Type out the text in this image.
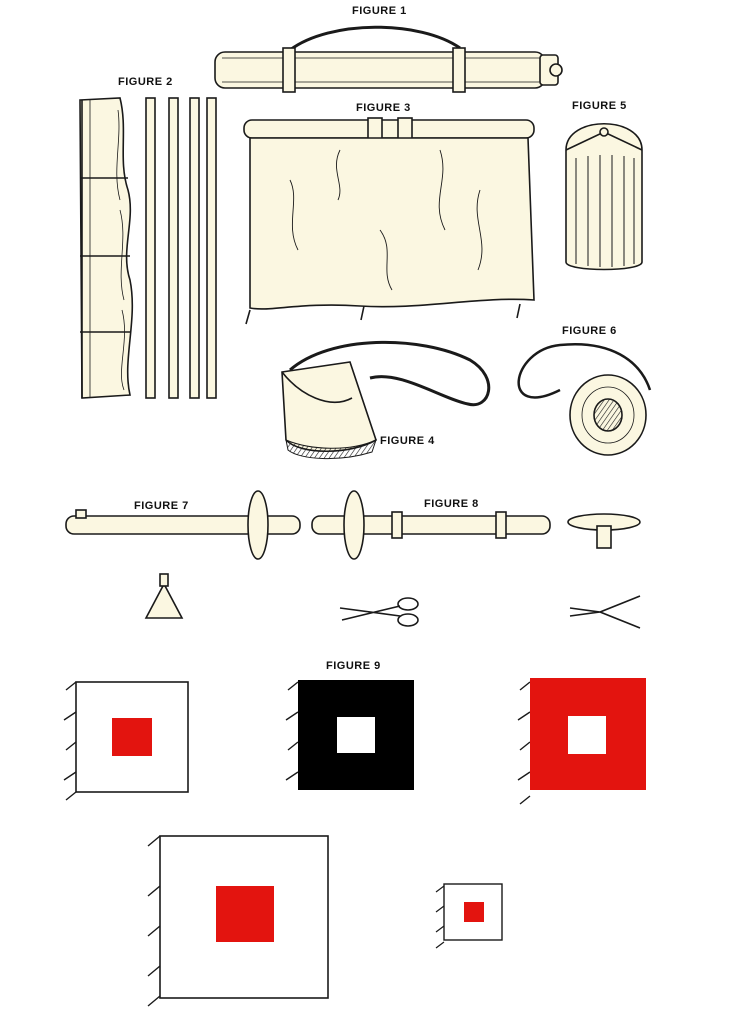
FIGURE 1
FIGURE 2
FIGURE 3
FIGURE 4
FIGURE 5
FIGURE 6
FIGURE 7	FIGURE 8
FIGURE 9
